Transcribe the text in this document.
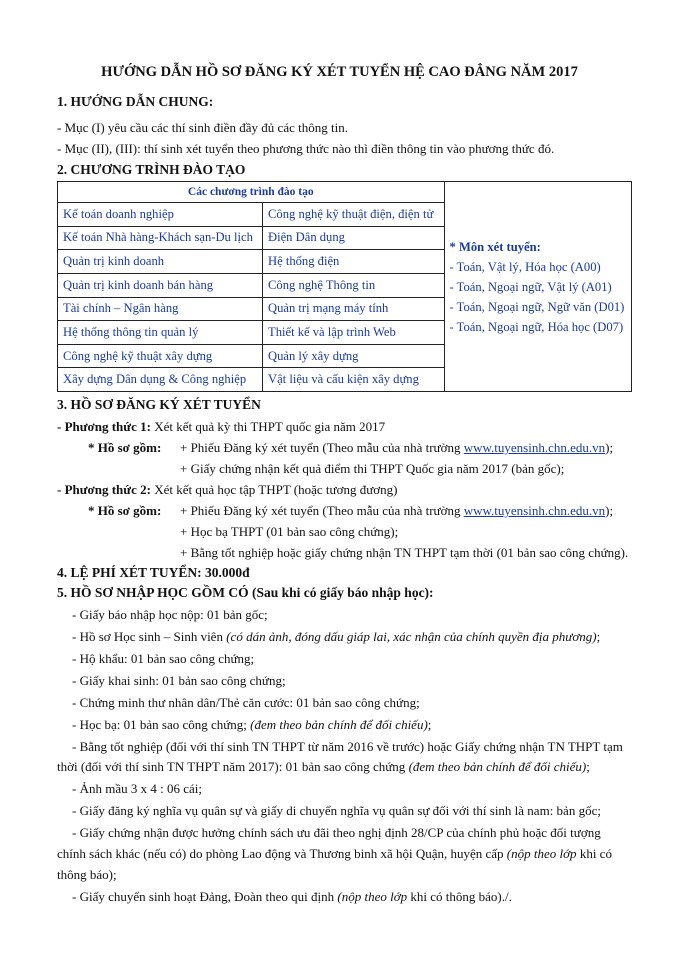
HƯỚNG DẪN HỒ SƠ ĐĂNG KÝ XÉT TUYỂN HỆ CAO ĐẲNG NĂM 2017
1. HƯỚNG DẪN CHUNG:
- Mục (I) yêu cầu các thí sinh điền đầy đủ các thông tin.
- Mục (II), (III): thí sinh xét tuyển theo phương thức nào thì điền thông tin vào phương thức đó.
2. CHƯƠNG TRÌNH ĐÀO TẠO
Các chương trình đào tạo		* Môn xét tuyển:
- Toán, Vật lý, Hóa học (A00)
- Toán, Ngoại ngữ, Vật lý (A01)
- Toán, Ngoại ngữ, Ngữ văn (D01)
- Toán, Ngoại ngữ, Hóa học (D07)

Kế toán doanh nghiệp	Công nghệ kỹ thuật điện, điện tử	
Kế toán Nhà hàng-Khách sạn-Du lịch	Điện Dân dụng	
Quản trị kinh doanh	Hệ thống điện	
Quản trị kinh doanh bán hàng	Công nghệ Thông tin	
Tài chính – Ngân hàng	Quản trị mạng máy tính	
Hệ thống thông tin quản lý	Thiết kế và lập trình Web	
Công nghệ kỹ thuật xây dựng	Quản lý xây dựng	
Xây dựng Dân dụng & Công nghiệp	Vật liệu và cấu kiện xây dựng	
3. HỒ SƠ ĐĂNG KÝ XÉT TUYỂN
- Phương thức 1: Xét kết quả kỳ thi THPT quốc gia năm 2017
* Hồ sơ gồm: + Phiếu Đăng ký xét tuyển (Theo mẫu của nhà trường www.tuyensinh.chn.edu.vn);
+ Giấy chứng nhận kết quả điểm thi THPT Quốc gia năm 2017 (bản gốc);
- Phương thức 2: Xét kết quả học tập THPT (hoặc tương đương)
* Hồ sơ gồm: + Phiếu Đăng ký xét tuyển (Theo mẫu của nhà trường www.tuyensinh.chn.edu.vn);
+ Học bạ THPT (01 bản sao công chứng);
+ Bằng tốt nghiệp hoặc giấy chứng nhận TN THPT tạm thời (01 bản sao công chứng).
4. LỆ PHÍ XÉT TUYỂN: 30.000đ
5. HỒ SƠ NHẬP HỌC GỒM CÓ (Sau khi có giấy báo nhập học):
- Giấy báo nhập học nộp: 01 bản gốc;
- Hồ sơ Học sinh – Sinh viên (có dán ảnh, đóng dấu giáp lai, xác nhận của chính quyền địa phương);
- Hộ khẩu: 01 bản sao công chứng;
- Giấy khai sinh: 01 bản sao công chứng;
- Chứng minh thư nhân dân/Thẻ căn cước: 01 bản sao công chứng;
- Học bạ: 01 bản sao công chứng; (đem theo bản chính để đối chiếu);
- Bằng tốt nghiệp (đối với thí sinh TN THPT từ năm 2016 về trước) hoặc Giấy chứng nhận TN THPT tạm
thời (đối với thí sinh TN THPT năm 2017): 01 bản sao công chứng (đem theo bản chính để đối chiếu);
- Ảnh mầu 3 x 4 : 06 cái;
- Giấy đăng ký nghĩa vụ quân sự và giấy di chuyển nghĩa vụ quân sự đối với thí sinh là nam: bản gốc;
- Giấy chứng nhận được hưởng chính sách ưu đãi theo nghị định 28/CP của chính phủ hoặc đối tượng
chính sách khác (nếu có) do phòng Lao động và Thương binh xã hội Quận, huyện cấp (nộp theo lớp khi có
thông báo);
- Giấy chuyển sinh hoạt Đảng, Đoàn theo qui định (nộp theo lớp khi có thông báo)./.
